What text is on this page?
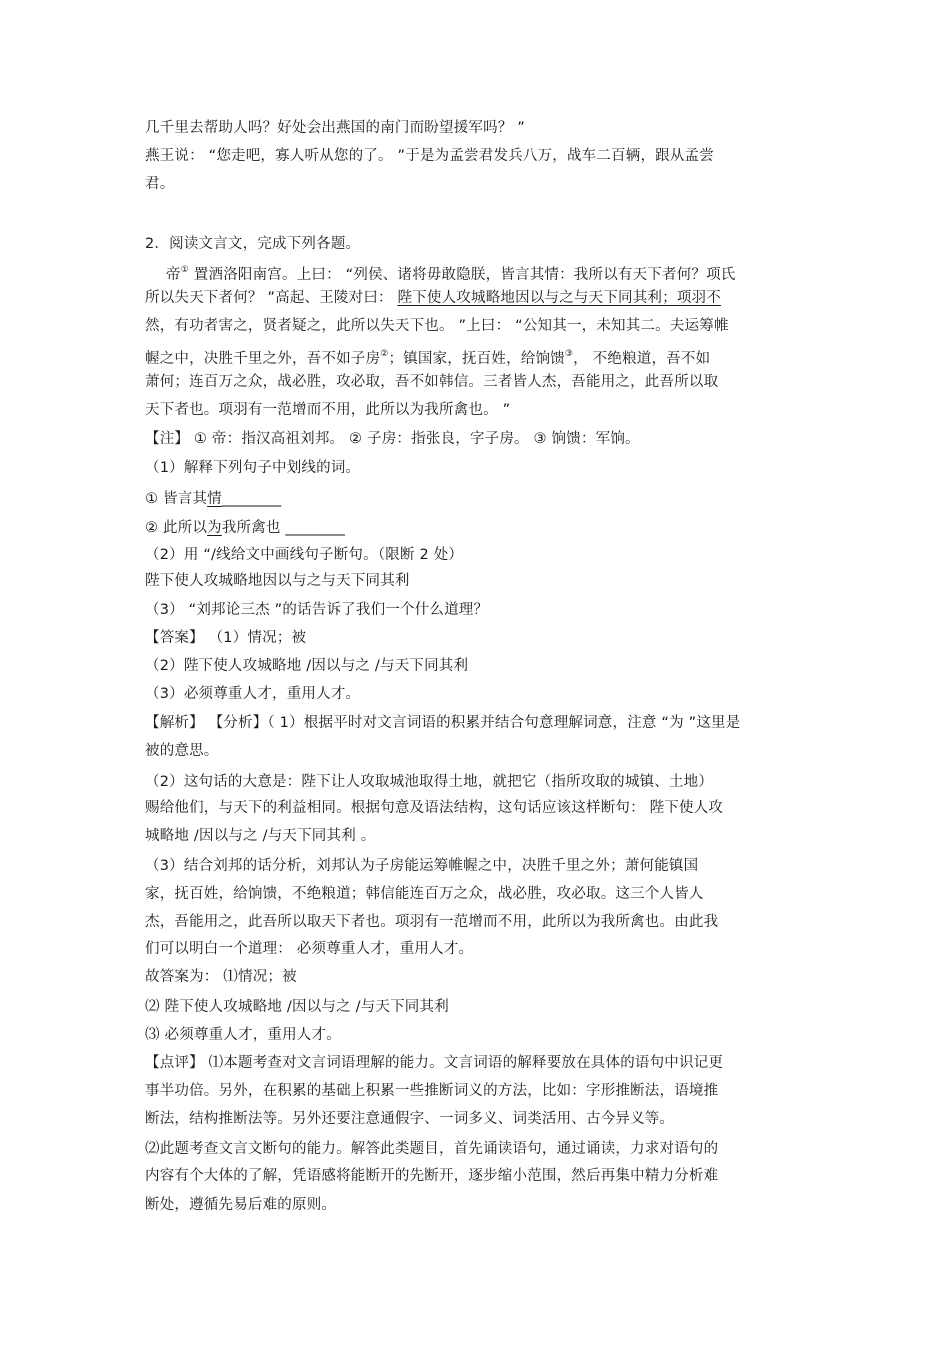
几千里去帮助人吗？好处会出燕国的南门而盼望援军吗？ ”
燕王说： “您走吧，寡人听从您的了。 ”于是为孟尝君发兵八万，战车二百辆，跟从孟尝
君。
2．阅读文言文，完成下列各题。
帝① 置酒洛阳南宫。上曰： “列侯、诸将毋敢隐朕，皆言其情：我所以有天下者何？项氏
所以失天下者何？ ”高起、王陵对曰： 陛下使人攻城略地因以与之与天下同其利；项羽不
然，有功者害之，贤者疑之，此所以失天下也。 ”上曰： “公知其一，未知其二。夫运筹帷
幄之中，决胜千里之外，吾不如子房②；镇国家，抚百姓，给饷馈③， 不绝粮道，吾不如
萧何；连百万之众，战必胜，攻必取，吾不如韩信。三者皆人杰，吾能用之，此吾所以取
天下者也。项羽有一范增而不用，此所以为我所禽也。 ”
【注】 ① 帝：指汉高祖刘邦。 ② 子房：指张良，字子房。 ③ 饷馈：军饷。
（1）解释下列句子中划线的词。
① 皆言其情________
② 此所以为我所禽也 ________
（2）用 “/线给文中画线句子断句。（限断 2 处）
陛下使人攻城略地因以与之与天下同其利
（3） “刘邦论三杰 ”的话告诉了我们一个什么道理？
【答案】 （1）情况；被
（2）陛下使人攻城略地 /因以与之 /与天下同其利
（3）必须尊重人才，重用人才。
【解析】 【分析】（ 1）根据平时对文言词语的积累并结合句意理解词意，注意 “为 ”这里是
被的意思。
（2）这句话的大意是：陛下让人攻取城池取得土地，就把它（指所攻取的城镇、土地）
赐给他们，与天下的利益相同。根据句意及语法结构，这句话应该这样断句： 陛下使人攻
城略地 /因以与之 /与天下同其利 。
（3）结合刘邦的话分析，刘邦认为子房能运筹帷幄之中，决胜千里之外；萧何能镇国
家，抚百姓，给饷馈，不绝粮道；韩信能连百万之众，战必胜，攻必取。这三个人皆人
杰，吾能用之，此吾所以取天下者也。项羽有一范增而不用，此所以为我所禽也。由此我
们可以明白一个道理： 必须尊重人才，重用人才。
故答案为： ⑴情况；被
⑵ 陛下使人攻城略地 /因以与之 /与天下同其利
⑶ 必须尊重人才，重用人才。
【点评】 ⑴本题考查对文言词语理解的能力。文言词语的解释要放在具体的语句中识记更
事半功倍。另外，在积累的基础上积累一些推断词义的方法，比如：字形推断法，语境推
断法，结构推断法等。另外还要注意通假字、一词多义、词类活用、古今异义等。
⑵此题考查文言文断句的能力。解答此类题目，首先诵读语句，通过诵读，力求对语句的
内容有个大体的了解，凭语感将能断开的先断开，逐步缩小范围，然后再集中精力分析难
断处，遵循先易后难的原则。
